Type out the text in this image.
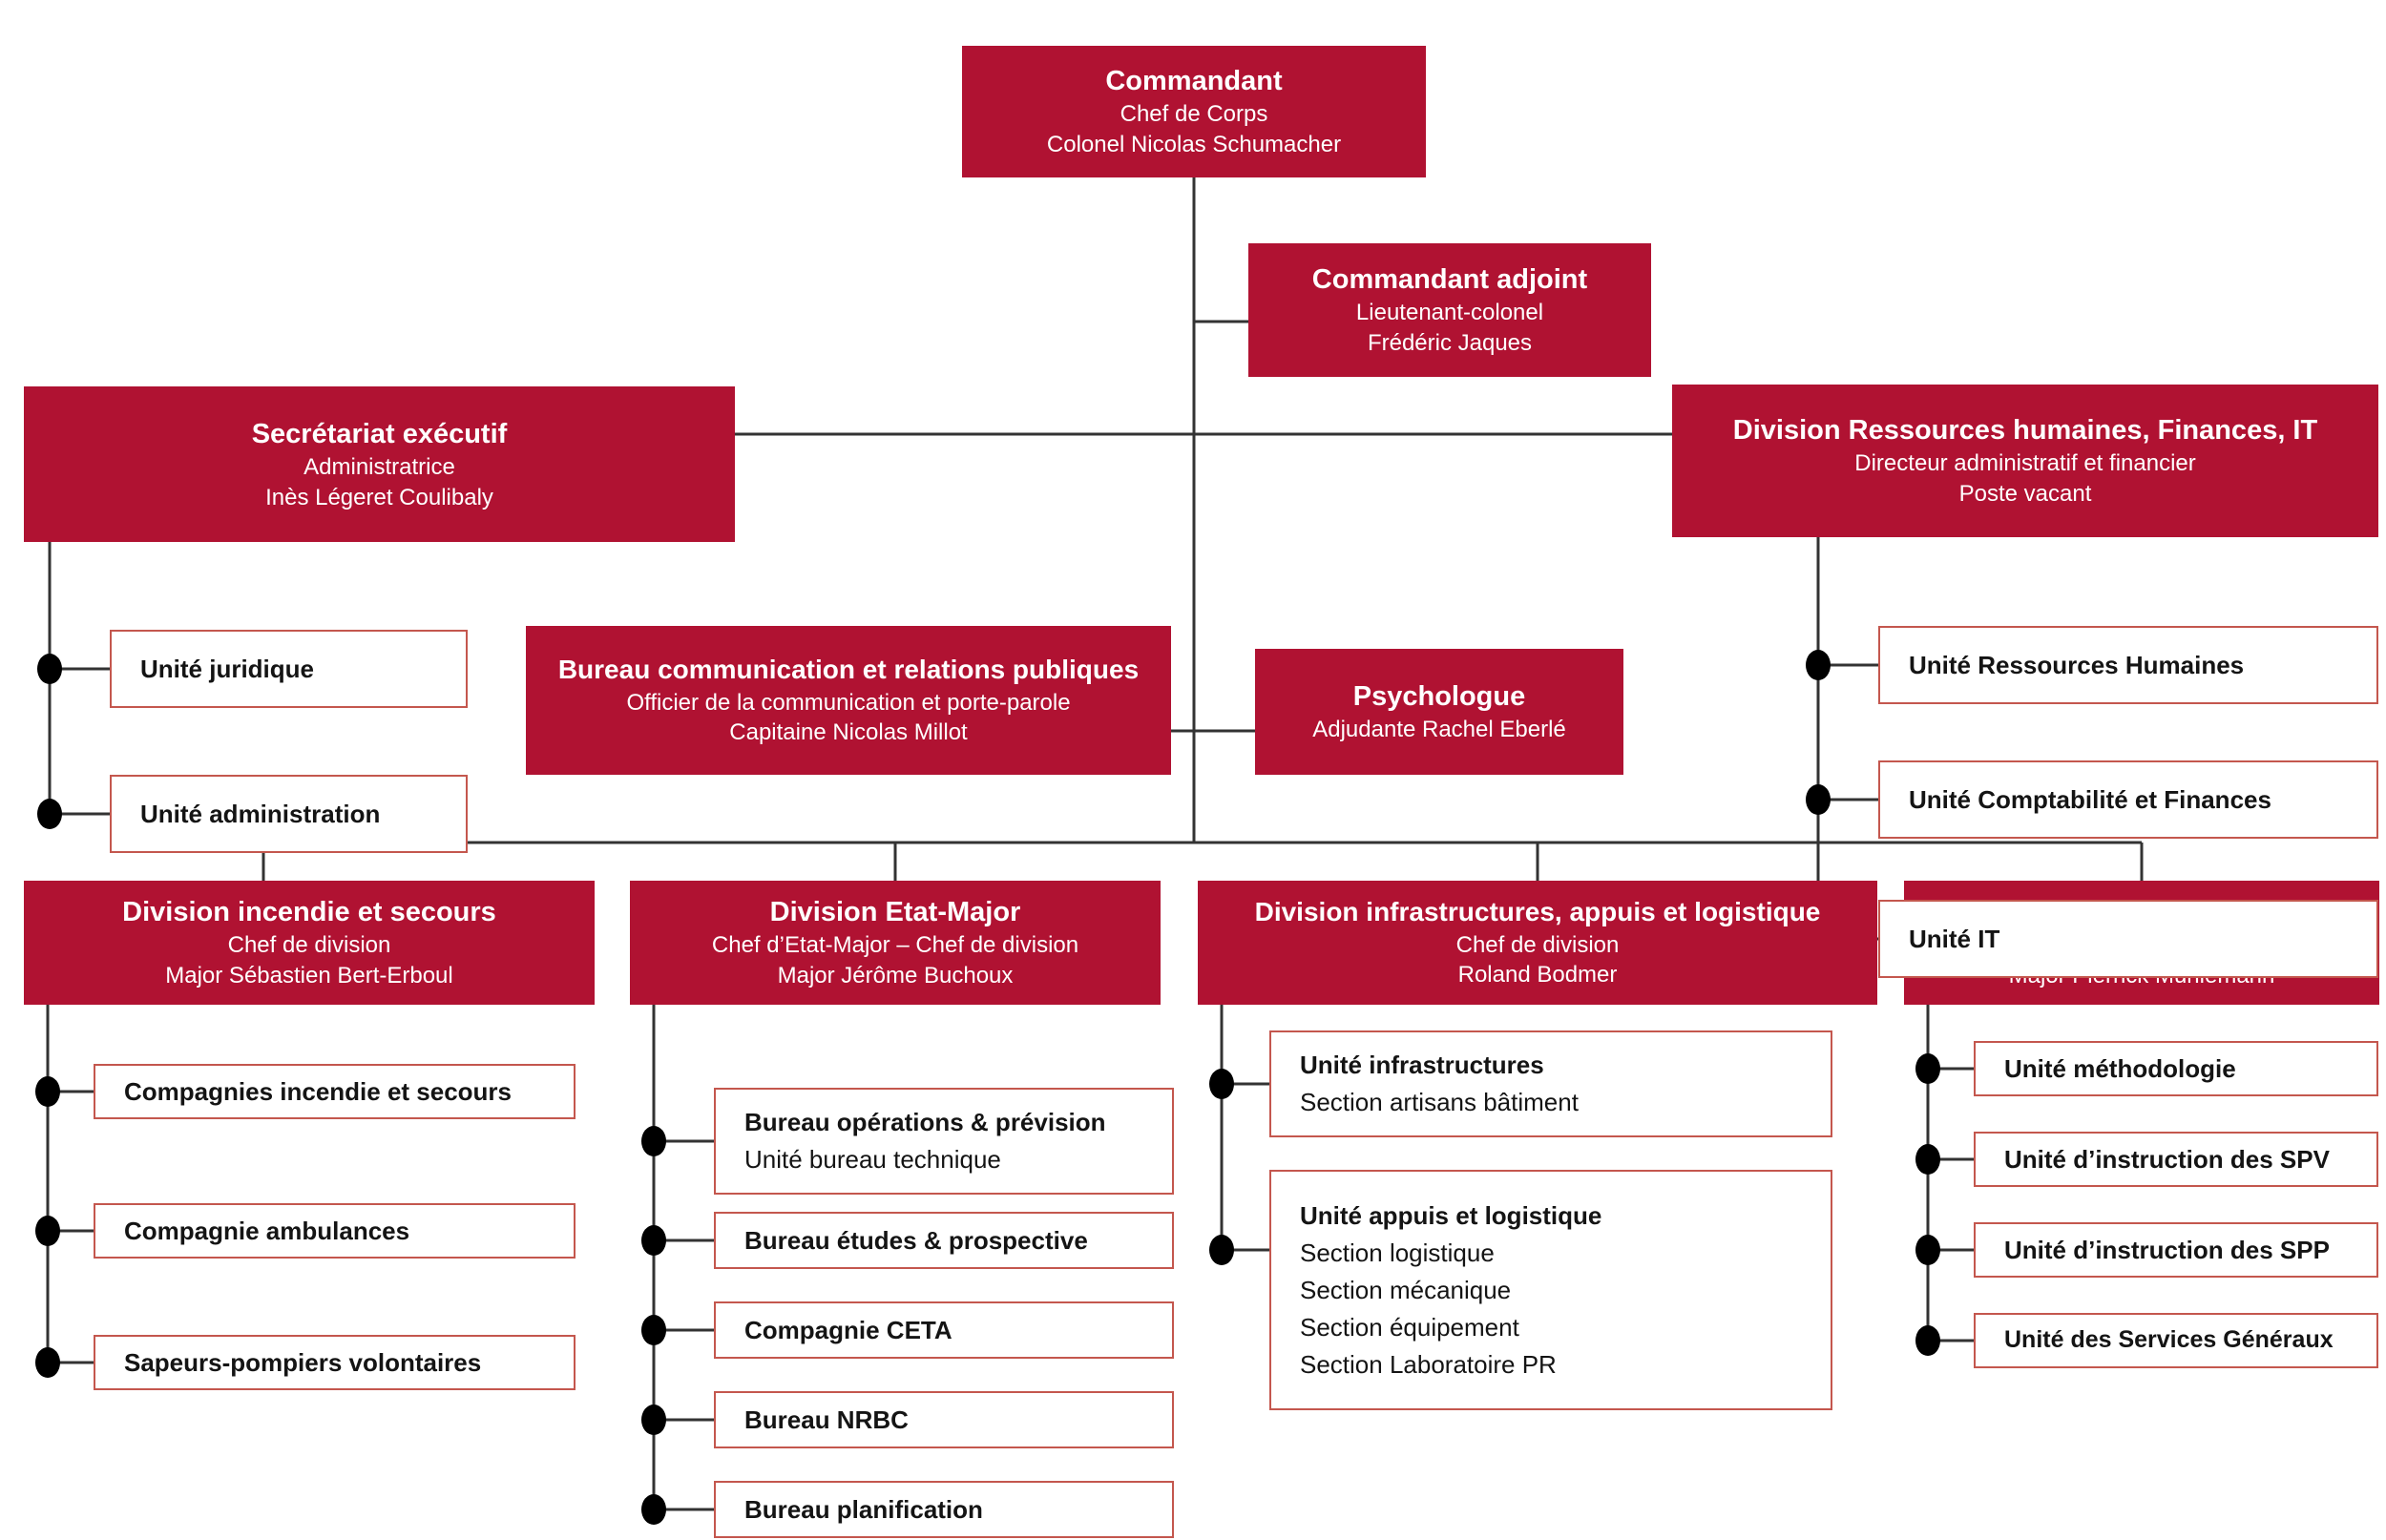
Commandant
Chef de Corps
Colonel Nicolas Schumacher
Commandant adjoint
Lieutenant-colonel
Frédéric Jaques
Secrétariat exécutif
Administratrice
Inès Légeret Coulibaly
Division Ressources humaines, Finances, IT
Directeur administratif et financier
Poste vacant
Bureau communication et relations publiques
Officier de la communication et porte-parole
Capitaine Nicolas Millot
Psychologue
Adjudante Rachel Eberlé
Division incendie et secours
Chef de division
Major Sébastien Bert-Erboul
Division Etat-Major
Chef d’Etat-Major – Chef de division
Major Jérôme Buchoux
Division infrastructures, appuis et logistique
Chef de division
Roland Bodmer
Unité juridique
Unité administration
Unité Ressources Humaines
Unité Comptabilité et Finances
Unité IT
Compagnies incendie et secours
Compagnie ambulances
Sapeurs-pompiers volontaires
Bureau opérations & prévision
Unité bureau technique
Bureau études & prospective
Compagnie CETA
Bureau NRBC
Bureau planification
Unité infrastructures
Section artisans bâtiment
Unité appuis et logistique
Section logistique
Section mécanique
Section équipement
Section Laboratoire PR
Unité méthodologie
Unité d’instruction des SPV
Unité d’instruction des SPP
Unité des Services Généraux
